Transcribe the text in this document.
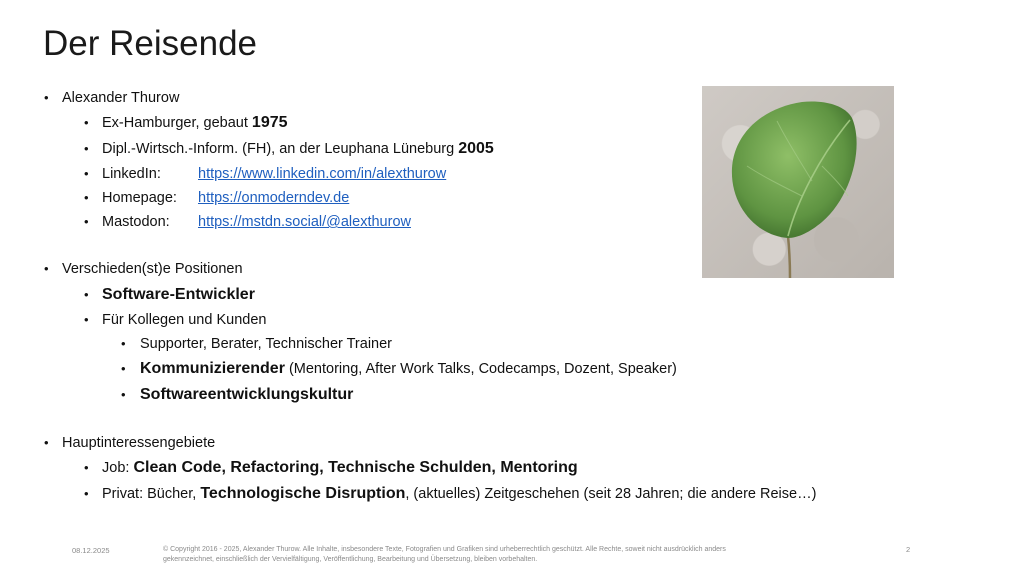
Der Reisende
• Alexander Thurow
• Ex-Hamburger, gebaut 1975
• Dipl.-Wirtsch.-Inform. (FH), an der Leuphana Lüneburg 2005
• LinkedIn:	https://www.linkedin.com/in/alexthurow
• Homepage: https://onmoderndev.de
• Mastodon: https://mstdn.social/@alexthurow
• Verschieden(st)e Positionen
• Software-Entwickler
• Für Kollegen und Kunden
• Supporter, Berater, Technischer Trainer
• Kommunizierender (Mentoring, After Work Talks, Codecamps, Dozent, Speaker)
• Softwareentwicklungskultur
• Hauptinteressengebiete
• Job: Clean Code, Refactoring, Technische Schulden, Mentoring
• Privat: Bücher, Technologische Disruption, (aktuelles) Zeitgeschehen (seit 28 Jahren; die andere Reise…)
08.12.2025	© Copyright 2016 - 2025, Alexander Thurow. Alle Inhalte, insbesondere Texte, Fotografien und Grafiken sind urheberrechtlich geschützt. Alle Rechte, soweit nicht ausdrücklich anders
gekennzeichnet, einschließlich der Vervielfältigung, Veröffentlichung, Bearbeitung und Übersetzung, bleiben vorbehalten.
2
